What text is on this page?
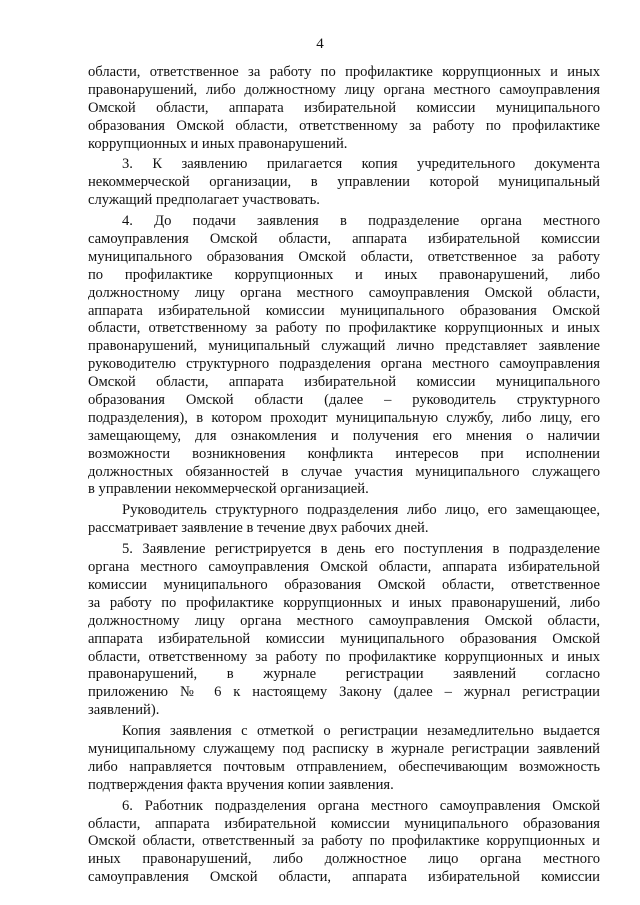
4
области, ответственное за работу по профилактике коррупционных и иных
правонарушений, либо должностному лицу органа местного самоуправления
Омской области, аппарата избирательной комиссии муниципального
образования Омской области, ответственному за работу по профилактике
коррупционных и иных правонарушений.
3. К заявлению прилагается копия учредительного документа
некоммерческой организации, в управлении которой муниципальный
служащий предполагает участвовать.
4. До подачи заявления в подразделение органа местного
самоуправления Омской области, аппарата избирательной комиссии
муниципального образования Омской области, ответственное за работу
по профилактике коррупционных и иных правонарушений, либо
должностному лицу органа местного самоуправления Омской области,
аппарата избирательной комиссии муниципального образования Омской
области, ответственному за работу по профилактике коррупционных и иных
правонарушений, муниципальный служащий лично представляет заявление
руководителю структурного подразделения органа местного самоуправления
Омской области, аппарата избирательной комиссии муниципального
образования Омской области (далее – руководитель структурного
подразделения), в котором проходит муниципальную службу, либо лицу, его
замещающему, для ознакомления и получения его мнения о наличии
возможности возникновения конфликта интересов при исполнении
должностных обязанностей в случае участия муниципального служащего
в управлении некоммерческой организацией.
Руководитель структурного подразделения либо лицо, его замещающее,
рассматривает заявление в течение двух рабочих дней.
5. Заявление регистрируется в день его поступления в подразделение
органа местного самоуправления Омской области, аппарата избирательной
комиссии муниципального образования Омской области, ответственное
за работу по профилактике коррупционных и иных правонарушений, либо
должностному лицу органа местного самоуправления Омской области,
аппарата избирательной комиссии муниципального образования Омской
области, ответственному за работу по профилактике коррупционных и иных
правонарушений, в журнале регистрации заявлений согласно
приложению № 6 к настоящему Закону (далее – журнал регистрации
заявлений).
Копия заявления с отметкой о регистрации незамедлительно выдается
муниципальному служащему под расписку в журнале регистрации заявлений
либо направляется почтовым отправлением, обеспечивающим возможность
подтверждения факта вручения копии заявления.
6. Работник подразделения органа местного самоуправления Омской
области, аппарата избирательной комиссии муниципального образования
Омской области, ответственный за работу по профилактике коррупционных и
иных правонарушений, либо должностное лицо органа местного
самоуправления Омской области, аппарата избирательной комиссии
